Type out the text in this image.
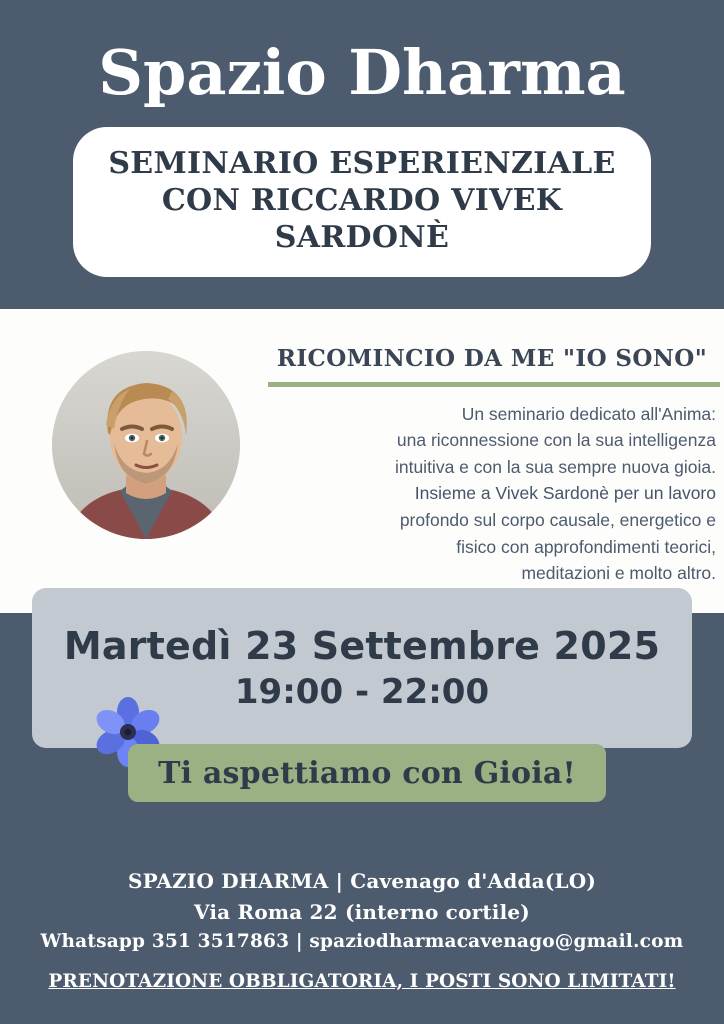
Spazio Dharma
SEMINARIO ESPERIENZIALE
CON RICCARDO VIVEK SARDONÈ
RICOMINCIO DA ME "IO SONO"
Un seminario dedicato all'Anima:
una riconnessione con la sua intelligenza
intuitiva e con la sua sempre nuova gioia.
Insieme a Vivek Sardonè per un lavoro
profondo sul corpo causale, energetico e
fisico con approfondimenti teorici,
meditazioni e molto altro.
Martedì 23 Settembre 2025
19:00 - 22:00
Ti aspettiamo con Gioia!
SPAZIO DHARMA | Cavenago d'Adda(LO)
Via Roma 22 (interno cortile)
Whatsapp 351 3517863 | spaziodharmacavenago@gmail.com
PRENOTAZIONE OBBLIGATORIA, I POSTI SONO LIMITATI!
